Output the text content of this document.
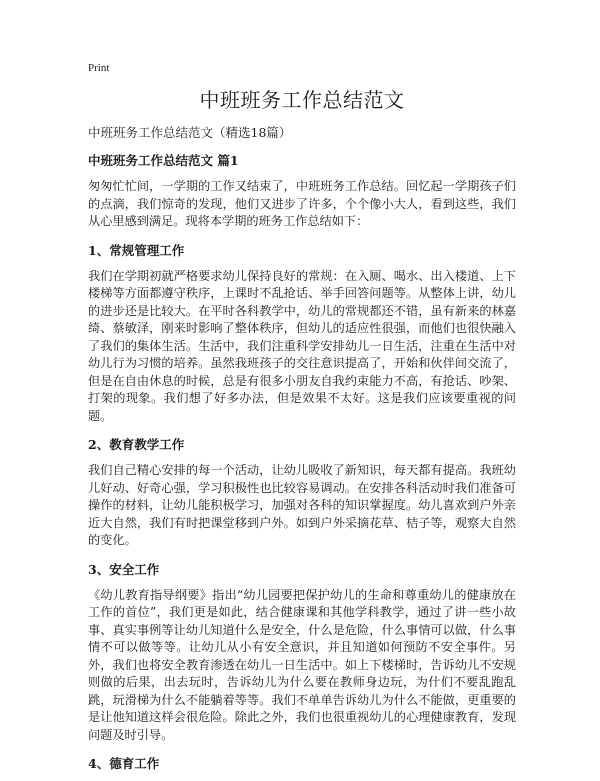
Print
中班班务工作总结范文
中班班务工作总结范文（精选18篇）
中班班务工作总结范文 篇1

匆匆忙忙间，一学期的工作又结束了，中班班务工作总结。回忆起一学期孩子们的点滴，我们惊奇的发现，他们又进步了许多，个个像小大人，看到这些，我们从心里感到满足。现将本学期的班务工作总结如下：

1、常规管理工作

我们在学期初就严格要求幼儿保持良好的常规：在入厕、喝水、出入楼道、上下楼梯等方面都遵守秩序，上课时不乱抢话、举手回答问题等。从整体上讲，幼儿的进步还是比较大。在平时各科教学中，幼儿的常规都还不错，虽有新来的林嘉绮、蔡敏泽，刚来时影响了整体秩序，但幼儿的适应性很强，而他们也很快融入了我们的集体生活。生活中，我们注重科学安排幼儿一日生活，注重在生活中对幼儿行为习惯的培养。虽然我班孩子的交往意识提高了，开始和伙伴间交流了，但是在自由休息的时候，总是有很多小朋友自我约束能力不高，有抢话、吵架、打架的现象。我们想了好多办法，但是效果不太好。这是我们应该要重视的问题。

2、教育教学工作

我们自己精心安排的每一个活动，让幼儿吸收了新知识，每天都有提高。我班幼儿好动、好奇心强，学习积极性也比较容易调动。在安排各科活动时我们准备可操作的材料，让幼儿能积极学习，加强对各科的知识掌握度。幼儿喜欢到户外亲近大自然，我们有时把课堂移到户外。如到户外采摘花草、桔子等，观察大自然的变化。

3、安全工作

《幼儿教育指导纲要》指出“幼儿园要把保护幼儿的生命和尊重幼儿的健康放在工作的首位”，我们更是如此，结合健康课和其他学科教学，通过了讲一些小故事、真实事例等让幼儿知道什么是安全，什么是危险，什么事情可以做，什么事情不可以做等等。让幼儿从小有安全意识，并且知道如何预防不安全事件。另外，我们也将安全教育渗透在幼儿一日生活中。如上下楼梯时，告诉幼儿不安规则做的后果，出去玩时，告诉幼儿为什么要在教师身边玩，为什们不要乱跑乱跳，玩滑梯为什么不能躺着等等。我们不单单告诉幼儿为什么不能做，更重要的是让他知道这样会很危险。除此之外，我们也很重视幼儿的心理健康教育，发现问题及时引导。

4、德育工作
